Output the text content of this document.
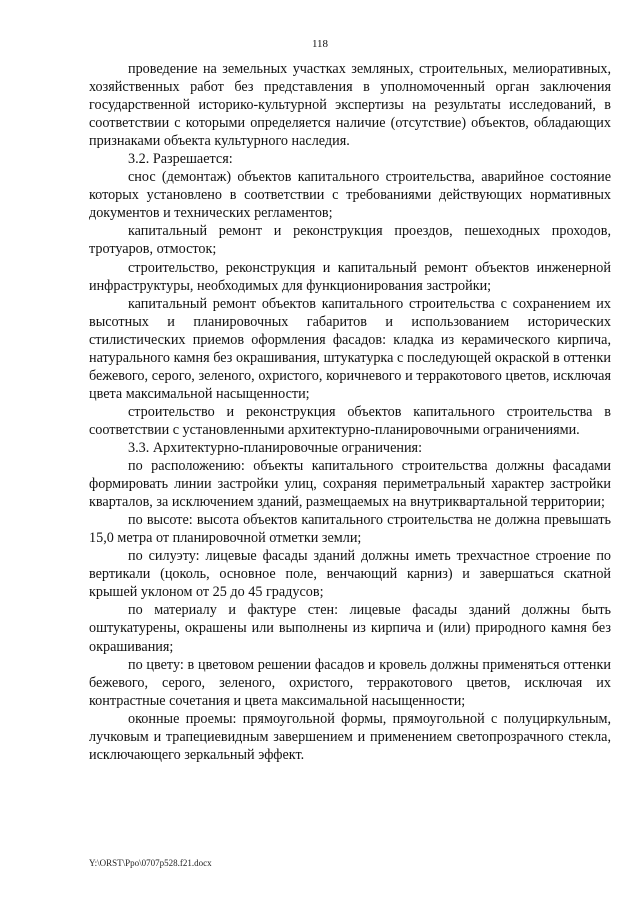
118

проведение на земельных участках земляных, строительных, мелиоративных, хозяйственных работ без представления в уполномоченный орган заключения государственной историко-культурной экспертизы на результаты исследований, в соответствии с которыми определяется наличие (отсутствие) объектов, обладающих признаками объекта культурного наследия.

3.2. Разрешается:

снос (демонтаж) объектов капитального строительства, аварийное состояние которых установлено в соответствии с требованиями действующих нормативных документов и технических регламентов;

капитальный ремонт и реконструкция проездов, пешеходных проходов, тротуаров, отмосток;

строительство, реконструкция и капитальный ремонт объектов инженерной инфраструктуры, необходимых для функционирования застройки;

капитальный ремонт объектов капитального строительства с сохранением их высотных и планировочных габаритов и использованием исторических стилистических приемов оформления фасадов: кладка из керамического кирпича, натурального камня без окрашивания, штукатурка с последующей окраской в оттенки бежевого, серого, зеленого, охристого, коричневого и терракотового цветов, исключая цвета максимальной насыщенности;

строительство и реконструкция объектов капитального строительства в соответствии с установленными архитектурно-планировочными ограничениями.

3.3. Архитектурно-планировочные ограничения:

по расположению: объекты капитального строительства должны фасадами формировать линии застройки улиц, сохраняя периметральный характер застройки кварталов, за исключением зданий, размещаемых на внутриквартальной территории;

по высоте: высота объектов капитального строительства не должна превышать 15,0 метра от планировочной отметки земли;

по силуэту: лицевые фасады зданий должны иметь трехчастное строение по вертикали (цоколь, основное поле, венчающий карниз) и завершаться скатной крышей уклоном от 25 до 45 градусов;

по материалу и фактуре стен: лицевые фасады зданий должны быть оштукатурены, окрашены или выполнены из кирпича и (или) природного камня без окрашивания;

по цвету: в цветовом решении фасадов и кровель должны применяться оттенки бежевого, серого, зеленого, охристого, терракотового цветов, исключая их контрастные сочетания и цвета максимальной насыщенности;

оконные проемы: прямоугольной формы, прямоугольной с полуциркульным, лучковым и трапециевидным завершением и применением светопрозрачного стекла, исключающего зеркальный эффект.

Y:\ORST\Ppo\0707p528.f21.docx
